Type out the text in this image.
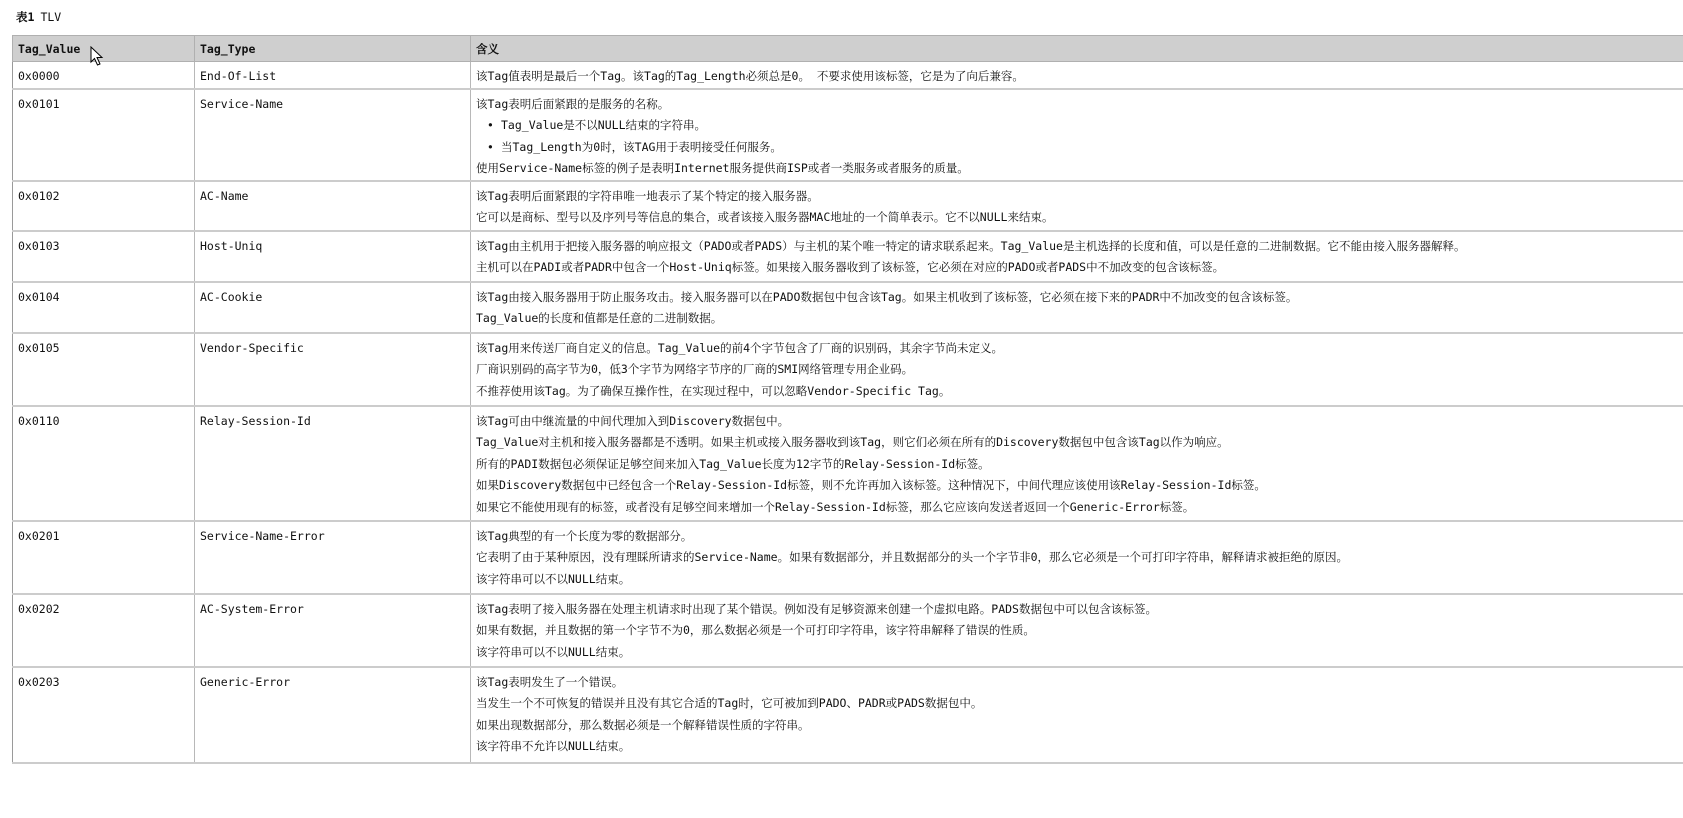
表1 TLV
Tag_Value	Tag_Type	含义
0x0000	End-Of-List	该Tag值表明是最后一个Tag。该Tag的Tag_Length必须总是0。 不要求使用该标签，它是为了向后兼容。

0x0101	Service-Name	该Tag表明后面紧跟的是服务的名称。
• Tag_Value是不以NULL结束的字符串。
• 当Tag_Length为0时，该TAG用于表明接受任何服务。
使用Service-Name标签的例子是表明Internet服务提供商ISP或者一类服务或者服务的质量。

0x0102	AC-Name	该Tag表明后面紧跟的字符串唯一地表示了某个特定的接入服务器。
它可以是商标、型号以及序列号等信息的集合，或者该接入服务器MAC地址的一个简单表示。它不以NULL来结束。

0x0103	Host-Uniq	该Tag由主机用于把接入服务器的响应报文（PADO或者PADS）与主机的某个唯一特定的请求联系起来。Tag_Value是主机选择的长度和值，可以是任意的二进制数据。它不能由接入服务器解释。
主机可以在PADI或者PADR中包含一个Host-Uniq标签。如果接入服务器收到了该标签，它必须在对应的PADO或者PADS中不加改变的包含该标签。

0x0104	AC-Cookie	该Tag由接入服务器用于防止服务攻击。接入服务器可以在PADO数据包中包含该Tag。如果主机收到了该标签，它必须在接下来的PADR中不加改变的包含该标签。
Tag_Value的长度和值都是任意的二进制数据。

0x0105	Vendor-Specific	该Tag用来传送厂商自定义的信息。Tag_Value的前4个字节包含了厂商的识别码，其余字节尚未定义。
厂商识别码的高字节为0，低3个字节为网络字节序的厂商的SMI网络管理专用企业码。
不推荐使用该Tag。为了确保互操作性，在实现过程中，可以忽略Vendor-Specific Tag。

0x0110	Relay-Session-Id	该Tag可由中继流量的中间代理加入到Discovery数据包中。
Tag_Value对主机和接入服务器都是不透明。如果主机或接入服务器收到该Tag，则它们必须在所有的Discovery数据包中包含该Tag以作为响应。
所有的PADI数据包必须保证足够空间来加入Tag_Value长度为12字节的Relay-Session-Id标签。
如果Discovery数据包中已经包含一个Relay-Session-Id标签，则不允许再加入该标签。这种情况下，中间代理应该使用该Relay-Session-Id标签。
如果它不能使用现有的标签，或者没有足够空间来增加一个Relay-Session-Id标签，那么它应该向发送者返回一个Generic-Error标签。

0x0201	Service-Name-Error	该Tag典型的有一个长度为零的数据部分。
它表明了由于某种原因，没有理睬所请求的Service-Name。如果有数据部分，并且数据部分的头一个字节非0，那么它必须是一个可打印字符串，解释请求被拒绝的原因。
该字符串可以不以NULL结束。

0x0202	AC-System-Error	该Tag表明了接入服务器在处理主机请求时出现了某个错误。例如没有足够资源来创建一个虚拟电路。PADS数据包中可以包含该标签。
如果有数据，并且数据的第一个字节不为0，那么数据必须是一个可打印字符串，该字符串解释了错误的性质。
该字符串可以不以NULL结束。

0x0203	Generic-Error	该Tag表明发生了一个错误。
当发生一个不可恢复的错误并且没有其它合适的Tag时，它可被加到PADO、PADR或PADS数据包中。
如果出现数据部分，那么数据必须是一个解释错误性质的字符串。
该字符串不允许以NULL结束。
